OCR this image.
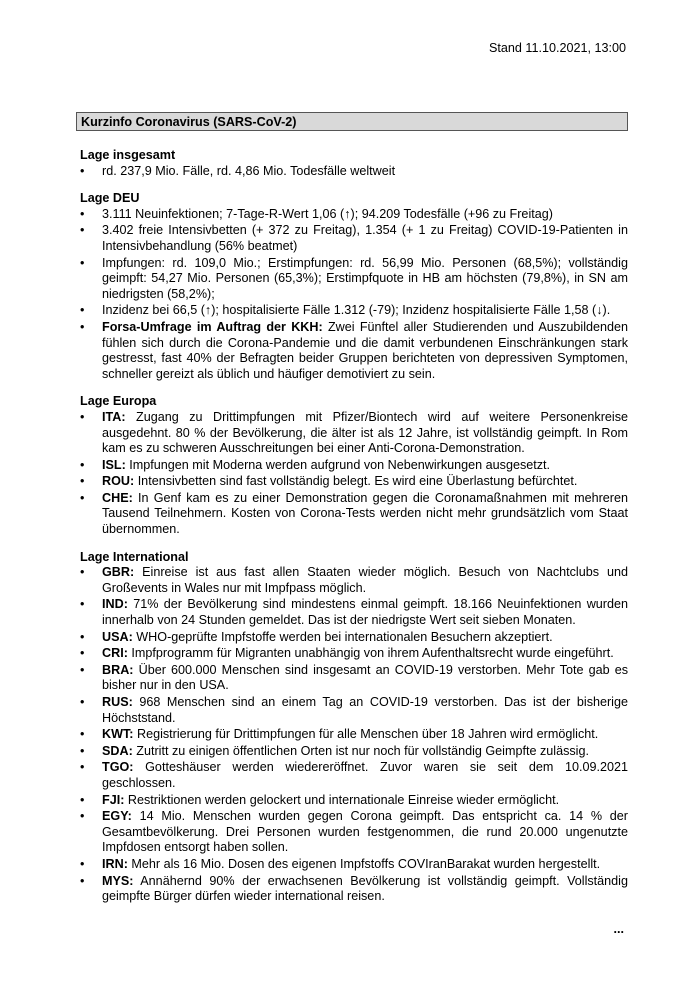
Stand 11.10.2021, 13:00
Kurzinfo Coronavirus (SARS-CoV-2)
Lage insgesamt
• rd. 237,9 Mio. Fälle, rd. 4,86 Mio. Todesfälle weltweit
Lage DEU
• 3.111 Neuinfektionen; 7-Tage-R-Wert 1,06 (↑); 94.209 Todesfälle (+96 zu Freitag)
• 3.402 freie Intensivbetten (+ 372 zu Freitag), 1.354 (+ 1 zu Freitag) COVID-19-Patienten in Intensivbehandlung (56% beatmet)
• Impfungen: rd. 109,0 Mio.; Erstimpfungen: rd. 56,99 Mio. Personen (68,5%); vollständig geimpft: 54,27 Mio. Personen (65,3%); Erstimpfquote in HB am höchsten (79,8%), in SN am niedrigsten (58,2%);
• Inzidenz bei 66,5 (↑); hospitalisierte Fälle 1.312 (-79); Inzidenz hospitalisierte Fälle 1,58 (↓).
• Forsa-Umfrage im Auftrag der KKH: Zwei Fünftel aller Studierenden und Auszubildenden fühlen sich durch die Corona-Pandemie und die damit verbundenen Einschränkungen stark gestresst, fast 40% der Befragten beider Gruppen berichteten von depressiven Symptomen, schneller gereizt als üblich und häufiger demotiviert zu sein.
Lage Europa
• ITA: Zugang zu Drittimpfungen mit Pfizer/Biontech wird auf weitere Personenkreise ausgedehnt. 80 % der Bevölkerung, die älter ist als 12 Jahre, ist vollständig geimpft. In Rom kam es zu schweren Ausschreitungen bei einer Anti-Corona-Demonstration.
• ISL: Impfungen mit Moderna werden aufgrund von Nebenwirkungen ausgesetzt.
• ROU: Intensivbetten sind fast vollständig belegt. Es wird eine Überlastung befürchtet.
• CHE: In Genf kam es zu einer Demonstration gegen die Coronamaßnahmen mit mehreren Tausend Teilnehmern. Kosten von Corona-Tests werden nicht mehr grundsätzlich vom Staat übernommen.
Lage International
• GBR: Einreise ist aus fast allen Staaten wieder möglich. Besuch von Nachtclubs und Großevents in Wales nur mit Impfpass möglich.
• IND: 71% der Bevölkerung sind mindestens einmal geimpft. 18.166 Neuinfektionen wurden innerhalb von 24 Stunden gemeldet. Das ist der niedrigste Wert seit sieben Monaten.
• USA: WHO-geprüfte Impfstoffe werden bei internationalen Besuchern akzeptiert.
• CRI: Impfprogramm für Migranten unabhängig von ihrem Aufenthaltsrecht wurde eingeführt.
• BRA: Über 600.000 Menschen sind insgesamt an COVID-19 verstorben. Mehr Tote gab es bisher nur in den USA.
• RUS: 968 Menschen sind an einem Tag an COVID-19 verstorben. Das ist der bisherige Höchststand.
• KWT: Registrierung für Drittimpfungen für alle Menschen über 18 Jahren wird ermöglicht.
• SDA: Zutritt zu einigen öffentlichen Orten ist nur noch für vollständig Geimpfte zulässig.
• TGO: Gotteshäuser werden wiedereröffnet. Zuvor waren sie seit dem 10.09.2021 geschlossen.
• FJI: Restriktionen werden gelockert und internationale Einreise wieder ermöglicht.
• EGY: 14 Mio. Menschen wurden gegen Corona geimpft. Das entspricht ca. 14 % der Gesamtbevölkerung. Drei Personen wurden festgenommen, die rund 20.000 ungenutzte Impfdosen entsorgt haben sollen.
• IRN: Mehr als 16 Mio. Dosen des eigenen Impfstoffs COVIranBarakat wurden hergestellt.
• MYS: Annähernd 90% der erwachsenen Bevölkerung ist vollständig geimpft. Vollständig geimpfte Bürger dürfen wieder international reisen.
...
